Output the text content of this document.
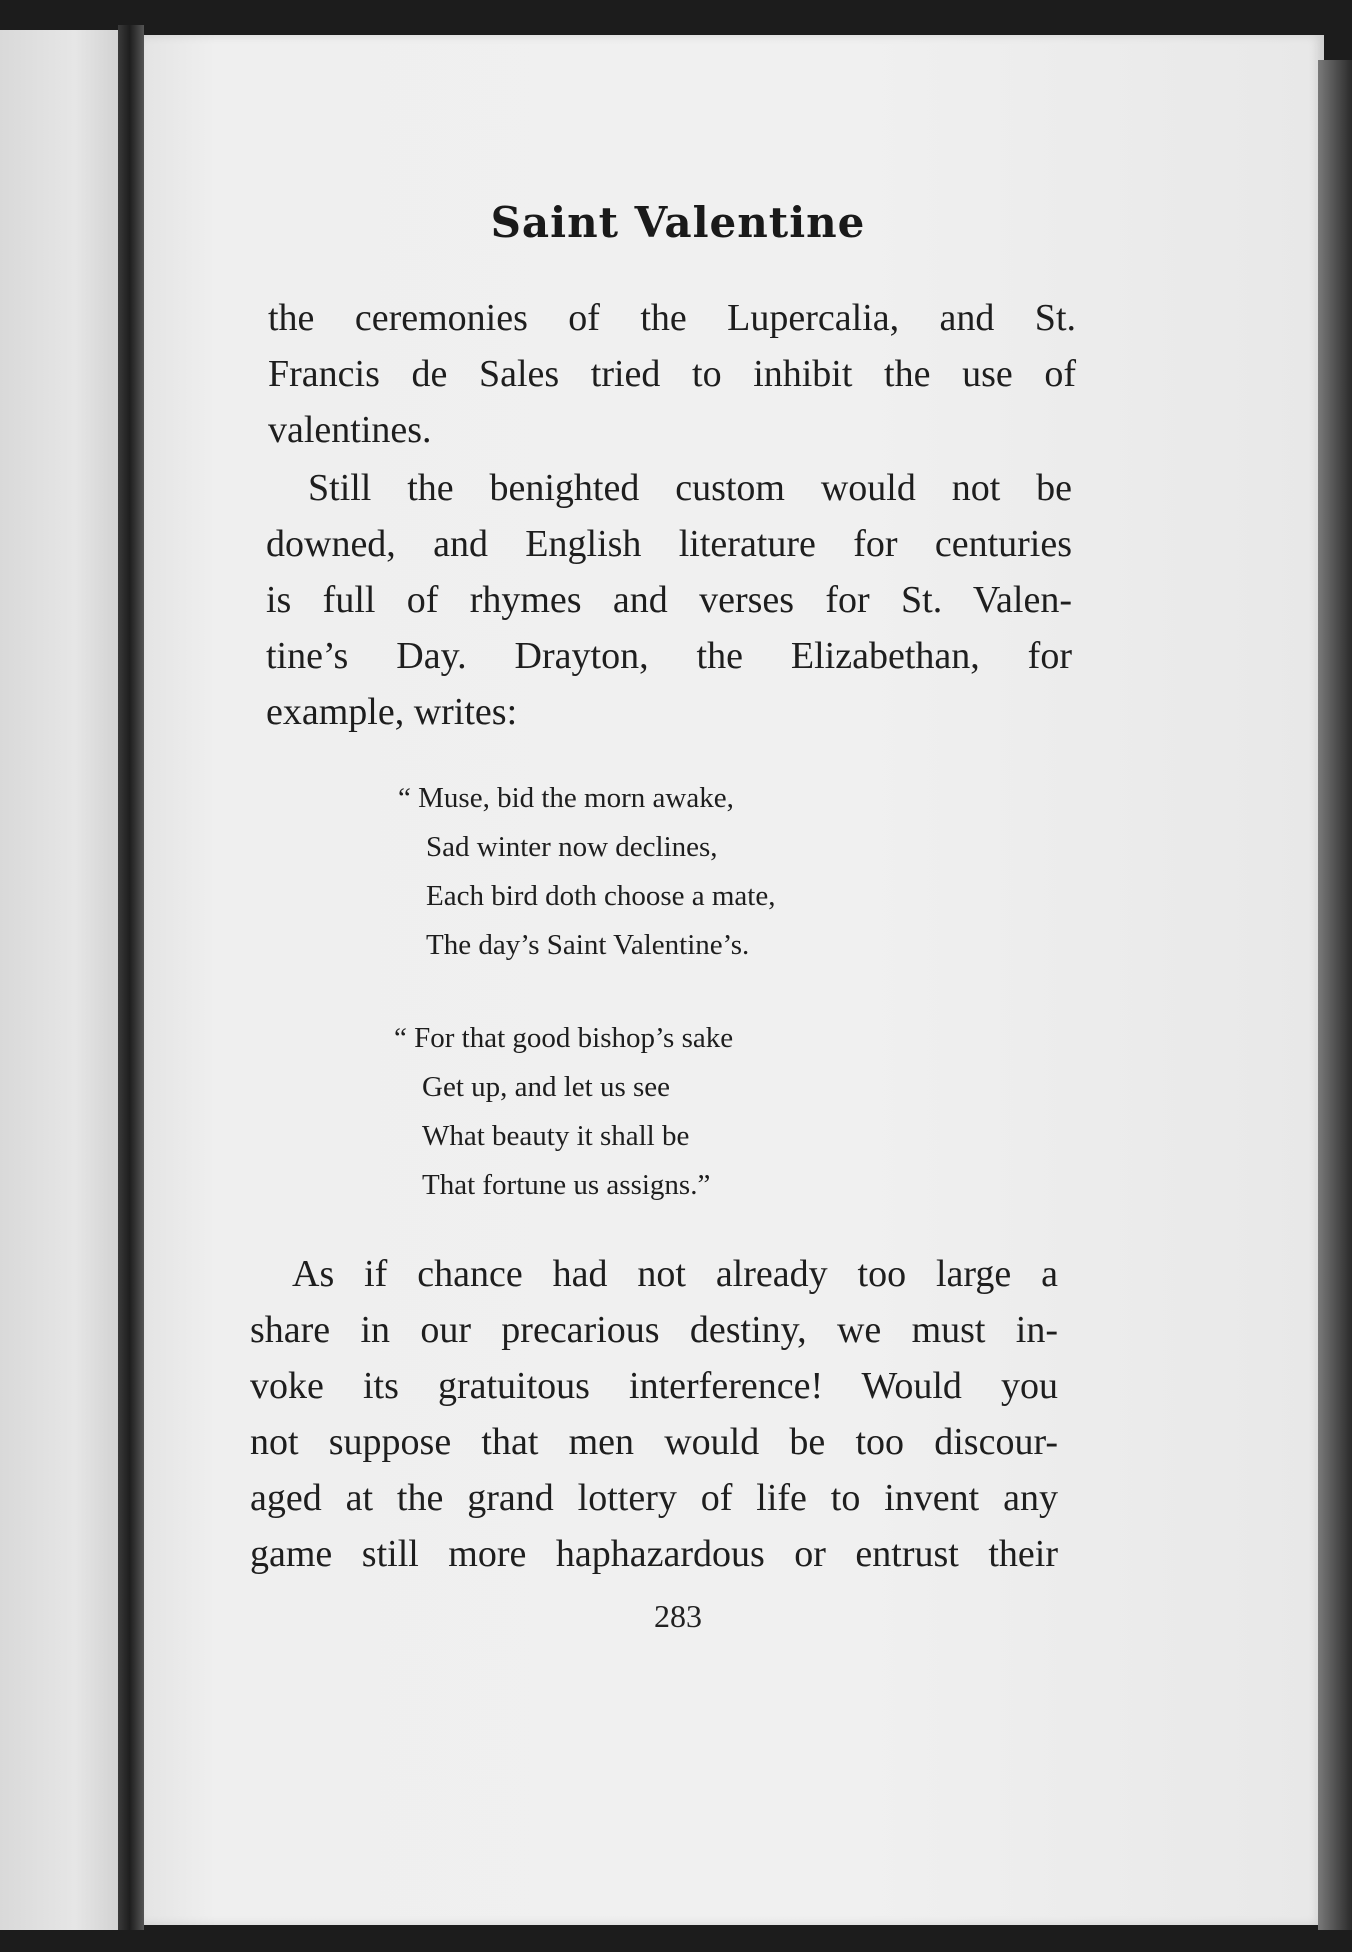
Saint Valentine

the ceremonies of the Lupercalia, and St.
Francis de Sales tried to inhibit the use of
valentines.

Still the benighted custom would not be
downed, and English literature for centuries
is full of rhymes and verses for St. Valen-
tine’s Day. Drayton, the Elizabethan, for
example, writes:

“ Muse, bid the morn awake,
Sad winter now declines,
Each bird doth choose a mate,
The day’s Saint Valentine’s.
“ For that good bishop’s sake
Get up, and let us see
What beauty it shall be
That fortune us assigns.”

As if chance had not already too large a
share in our precarious destiny, we must in-
voke its gratuitous interference! Would you
not suppose that men would be too discour-
aged at the grand lottery of life to invent any
game still more haphazardous or entrust their

283
